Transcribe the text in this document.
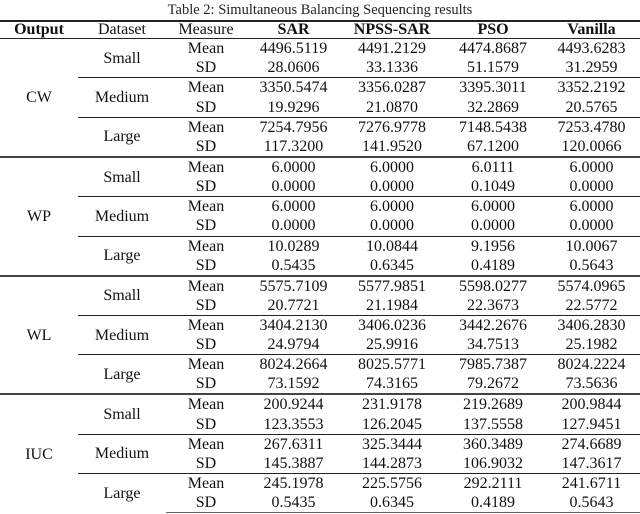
Table 2: Simultaneous Balancing Sequencing results
Output	Dataset	Measure	SAR	NPSS-SAR	PSO	Vanilla
CW	Small	Mean	4496.5119	4491.2129	4474.8687	4493.6283
		SD	28.0606	33.1336	51.1579	31.2959
	Medium	Mean	3350.5474	3356.0287	3395.3011	3352.2192
		SD	19.9296	21.0870	32.2869	20.5765
	Large	Mean	7254.7956	7276.9778	7148.5438	7253.4780
		SD	117.3200	141.9520	67.1200	120.0066
WP	Small	Mean	6.0000	6.0000	6.0111	6.0000
		SD	0.0000	0.0000	0.1049	0.0000
	Medium	Mean	6.0000	6.0000	6.0000	6.0000
		SD	0.0000	0.0000	0.0000	0.0000
	Large	Mean	10.0289	10.0844	9.1956	10.0067
		SD	0.5435	0.6345	0.4189	0.5643
WL	Small	Mean	5575.7109	5577.9851	5598.0277	5574.0965
		SD	20.7721	21.1984	22.3673	22.5772
	Medium	Mean	3404.2130	3406.0236	3442.2676	3406.2830
		SD	24.9794	25.9916	34.7513	25.1982
	Large	Mean	8024.2664	8025.5771	7985.7387	8024.2224
		SD	73.1592	74.3165	79.2672	73.5636
IUC	Small	Mean	200.9244	231.9178	219.2689	200.9844
		SD	123.3553	126.2045	137.5558	127.9451
	Medium	Mean	267.6311	325.3444	360.3489	274.6689
		SD	145.3887	144.2873	106.9032	147.3617
	Large	Mean	245.1978	225.5756	292.2111	241.6711
		SD	0.5435	0.6345	0.4189	0.5643
